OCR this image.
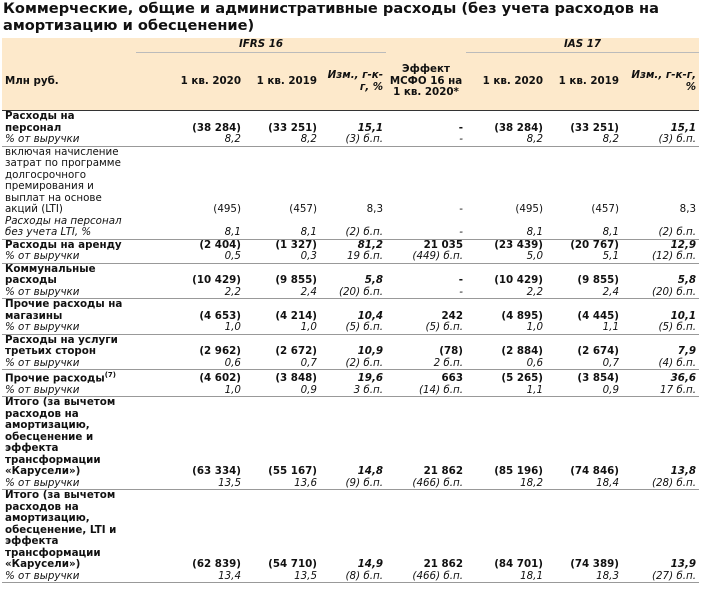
Коммерческие, общие и административные расходы (без учета расходов на амортизацию и обесценение)
	IFRS 16				IAS 17		
Млн руб.	1 кв. 2020	1 кв. 2019	Изм., г-к-г, %	Эффект МСФО 16 на 1 кв. 2020*	1 кв. 2020	1 кв. 2019	Изм., г-к-г, %
Расходы на персонал	(38 284)	(33 251)	15,1	-	(38 284)	(33 251)	15,1
% от выручки	8,2	8,2	(3) б.п.	-	8,2	8,2	(3) б.п.
включая начисление затрат по программе долгосрочного премирования и выплат на основе акций (LTI)	(495)	(457)	8,3	-	(495)	(457)	8,3
Расходы на персонал без учета LTI, %	8,1	8,1	(2) б.п.	-	8,1	8,1	(2) б.п.
Расходы на аренду	(2 404)	(1 327)	81,2	21 035	(23 439)	(20 767)	12,9
% от выручки	0,5	0,3	19 б.п.	(449) б.п.	5,0	5,1	(12) б.п.
Коммунальные расходы	(10 429)	(9 855)	5,8	-	(10 429)	(9 855)	5,8
% от выручки	2,2	2,4	(20) б.п.	-	2,2	2,4	(20) б.п.
Прочие расходы на магазины	(4 653)	(4 214)	10,4	242	(4 895)	(4 445)	10,1
% от выручки	1,0	1,0	(5) б.п.	(5) б.п.	1,0	1,1	(5) б.п.
Расходы на услуги третьих сторон	(2 962)	(2 672)	10,9	(78)	(2 884)	(2 674)	7,9
% от выручки	0,6	0,7	(2) б.п.	2 б.п.	0,6	0,7	(4) б.п.
Прочие расходы$^{(7)}$	(4 602)	(3 848)	19,6	663	(5 265)	(3 854)	36,6
% от выручки	1,0	0,9	3 б.п.	(14) б.п.	1,1	0,9	17 б.п.
Итого (за вычетом расходов на амортизацию, обесценение и эффекта трансформации «Карусели»)	(63 334)	(55 167)	14,8	21 862	(85 196)	(74 846)	13,8
% от выручки	13,5	13,6	(9) б.п.	(466) б.п.	18,2	18,4	(28) б.п.
Итого (за вычетом расходов на амортизацию, обесценение, LTI и эффекта трансформации «Карусели»)	(62 839)	(54 710)	14,9	21 862	(84 701)	(74 389)	13,9
% от выручки	13,4	13,5	(8) б.п.	(466) б.п.	18,1	18,3	(27) б.п.
